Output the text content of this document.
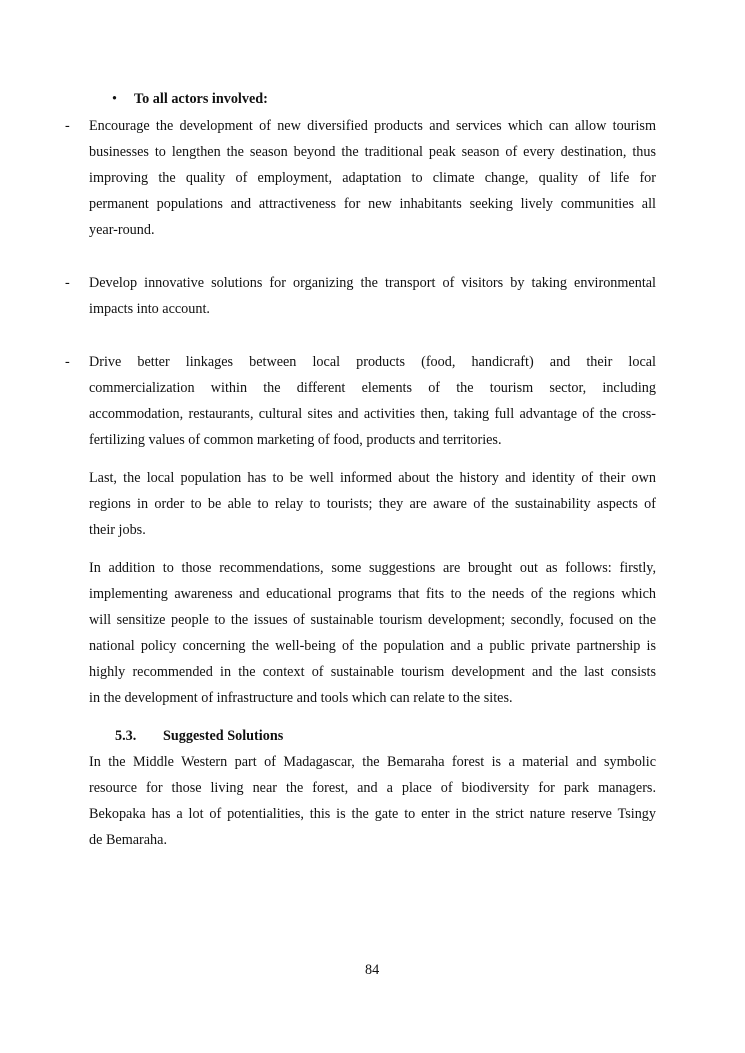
• To all actors involved:
- Encourage the development of new diversified products and services which can allow tourism
businesses to lengthen the season beyond the traditional peak season of every destination, thus
improving the quality of employment, adaptation to climate change, quality of life for
permanent populations and attractiveness for new inhabitants seeking lively communities all
year-round.
- Develop innovative solutions for organizing the transport of visitors by taking environmental
impacts into account.
- Drive better linkages between local products (food, handicraft) and their local
commercialization within the different elements of the tourism sector, including
accommodation, restaurants, cultural sites and activities then, taking full advantage of the cross-
fertilizing values of common marketing of food, products and territories.
Last, the local population has to be well informed about the history and identity of their own
regions in order to be able to relay to tourists; they are aware of the sustainability aspects of
their jobs.
In addition to those recommendations, some suggestions are brought out as follows: firstly,
implementing awareness and educational programs that fits to the needs of the regions which
will sensitize people to the issues of sustainable tourism development; secondly, focused on the
national policy concerning the well-being of the population and a public private partnership is
highly recommended in the context of sustainable tourism development and the last consists
in the development of infrastructure and tools which can relate to the sites.
5.3. Suggested Solutions
In the Middle Western part of Madagascar, the Bemaraha forest is a material and symbolic
resource for those living near the forest, and a place of biodiversity for park managers.
Bekopaka has a lot of potentialities, this is the gate to enter in the strict nature reserve Tsingy
de Bemaraha.
84
